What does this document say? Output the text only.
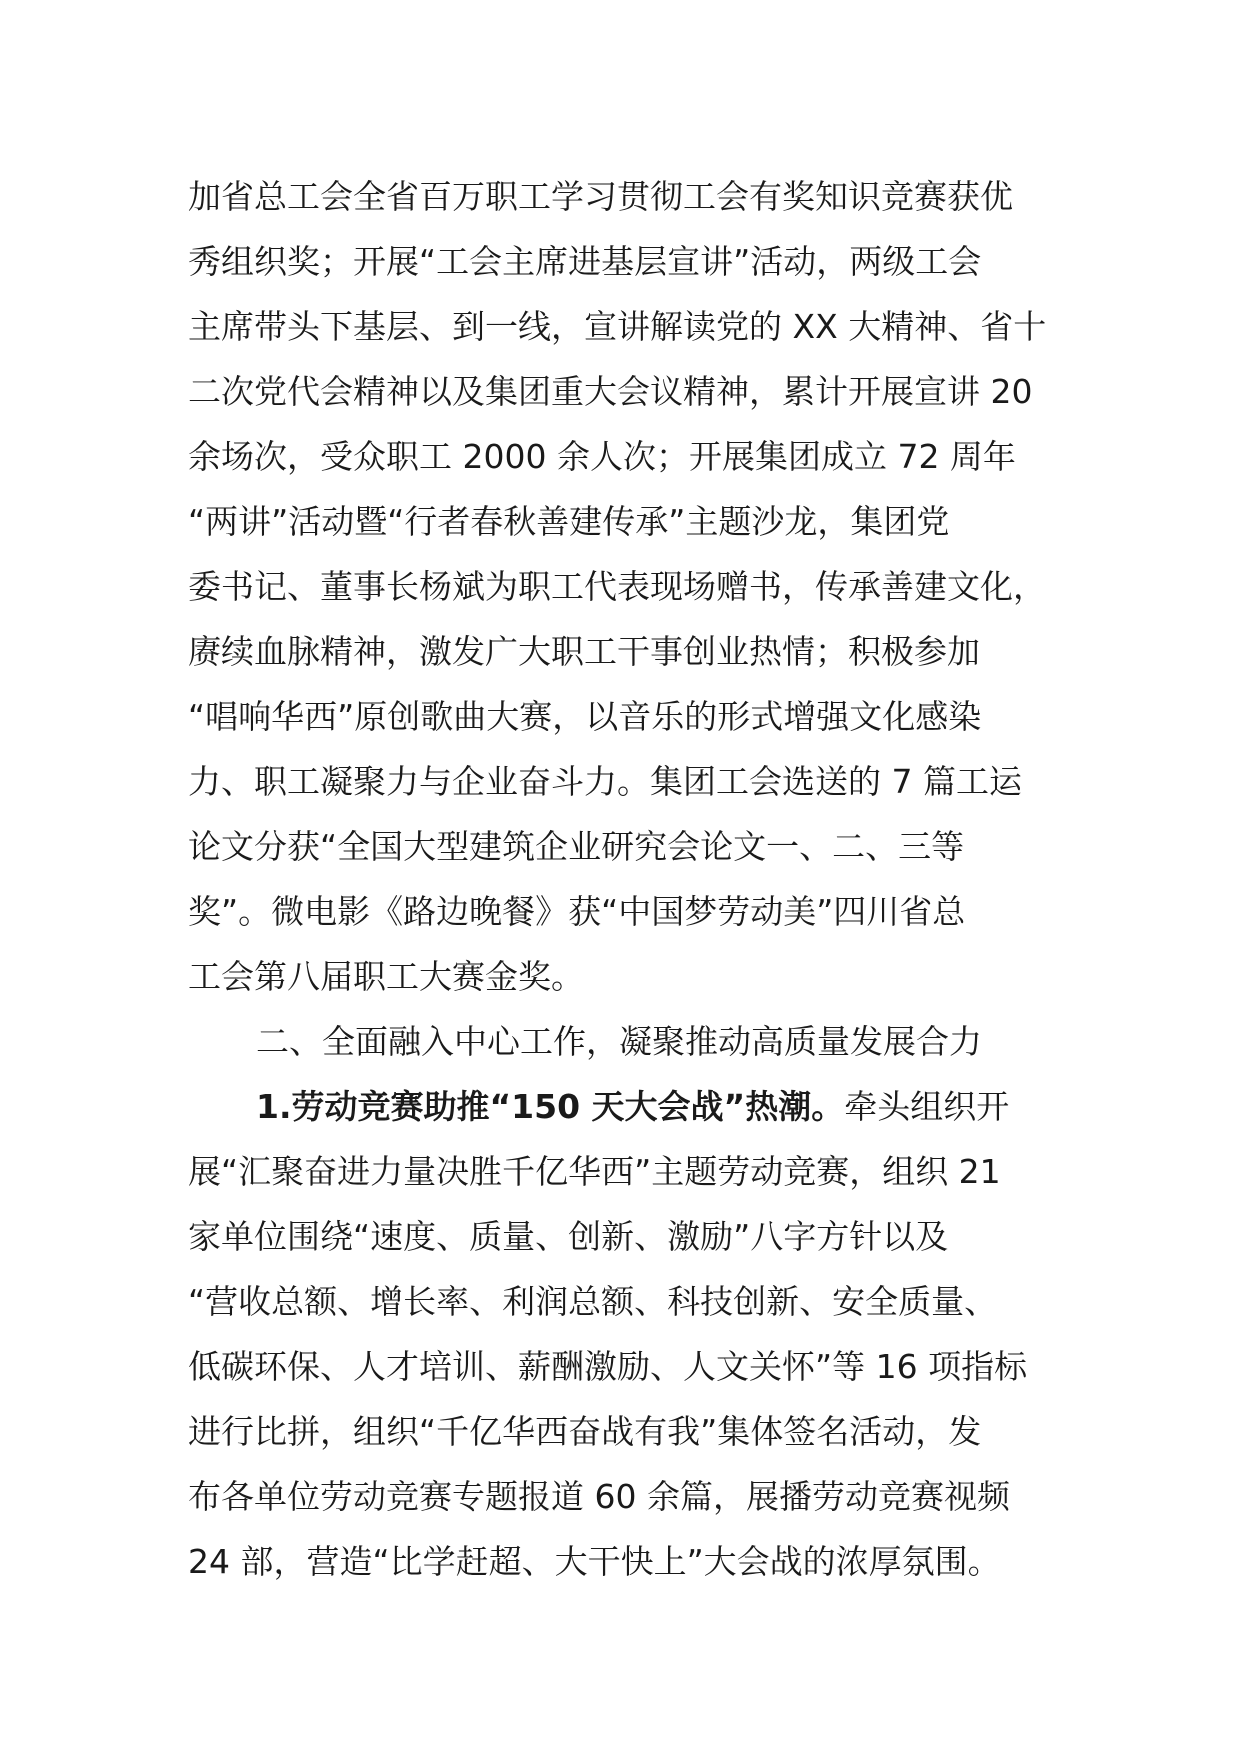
加省总工会全省百万职工学习贯彻工会有奖知识竞赛获优
秀组织奖；开展“工会主席进基层宣讲”活动，两级工会
主席带头下基层、到一线，宣讲解读党的 XX 大精神、省十
二次党代会精神以及集团重大会议精神，累计开展宣讲 20
余场次，受众职工 2000 余人次；开展集团成立 72 周年
“两讲”活动暨“行者春秋善建传承”主题沙龙，集团党
委书记、董事长杨斌为职工代表现场赠书，传承善建文化，
赓续血脉精神，激发广大职工干事创业热情；积极参加
“唱响华西”原创歌曲大赛，以音乐的形式增强文化感染
力、职工凝聚力与企业奋斗力。集团工会选送的 7 篇工运
论文分获“全国大型建筑企业研究会论文一、二、三等
奖”。微电影《路边晚餐》获“中国梦劳动美”四川省总
工会第八届职工大赛金奖。
二、全面融入中心工作，凝聚推动高质量发展合力
1.劳动竞赛助推“150 天大会战”热潮。牵头组织开
展“汇聚奋进力量决胜千亿华西”主题劳动竞赛，组织 21
家单位围绕“速度、质量、创新、激励”八字方针以及
“营收总额、增长率、利润总额、科技创新、安全质量、
低碳环保、人才培训、薪酬激励、人文关怀”等 16 项指标
进行比拼，组织“千亿华西奋战有我”集体签名活动，发
布各单位劳动竞赛专题报道 60 余篇，展播劳动竞赛视频
24 部，营造“比学赶超、大干快上”大会战的浓厚氛围。
